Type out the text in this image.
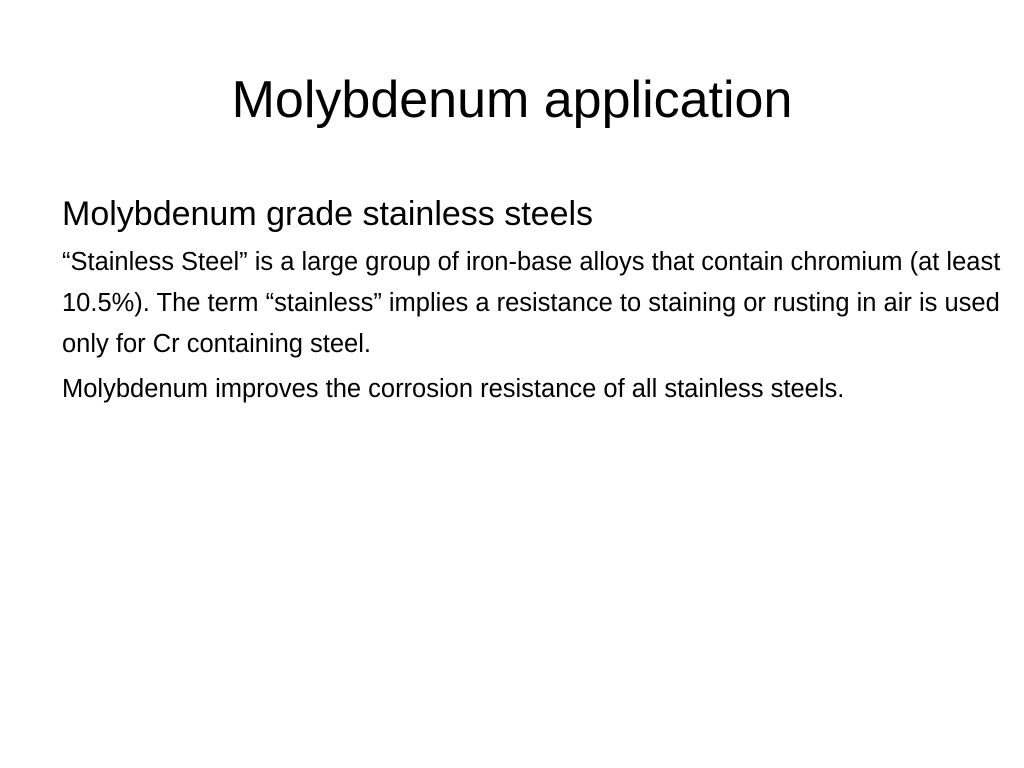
Molybdenum application

Molybdenum grade stainless steels

“Stainless Steel” is a large group of iron-base alloys that contain chromium (at least 10.5%). The term “stainless” implies a resistance to staining or rusting in air is used only for Cr containing steel.

Molybdenum improves the corrosion resistance of all stainless steels.
